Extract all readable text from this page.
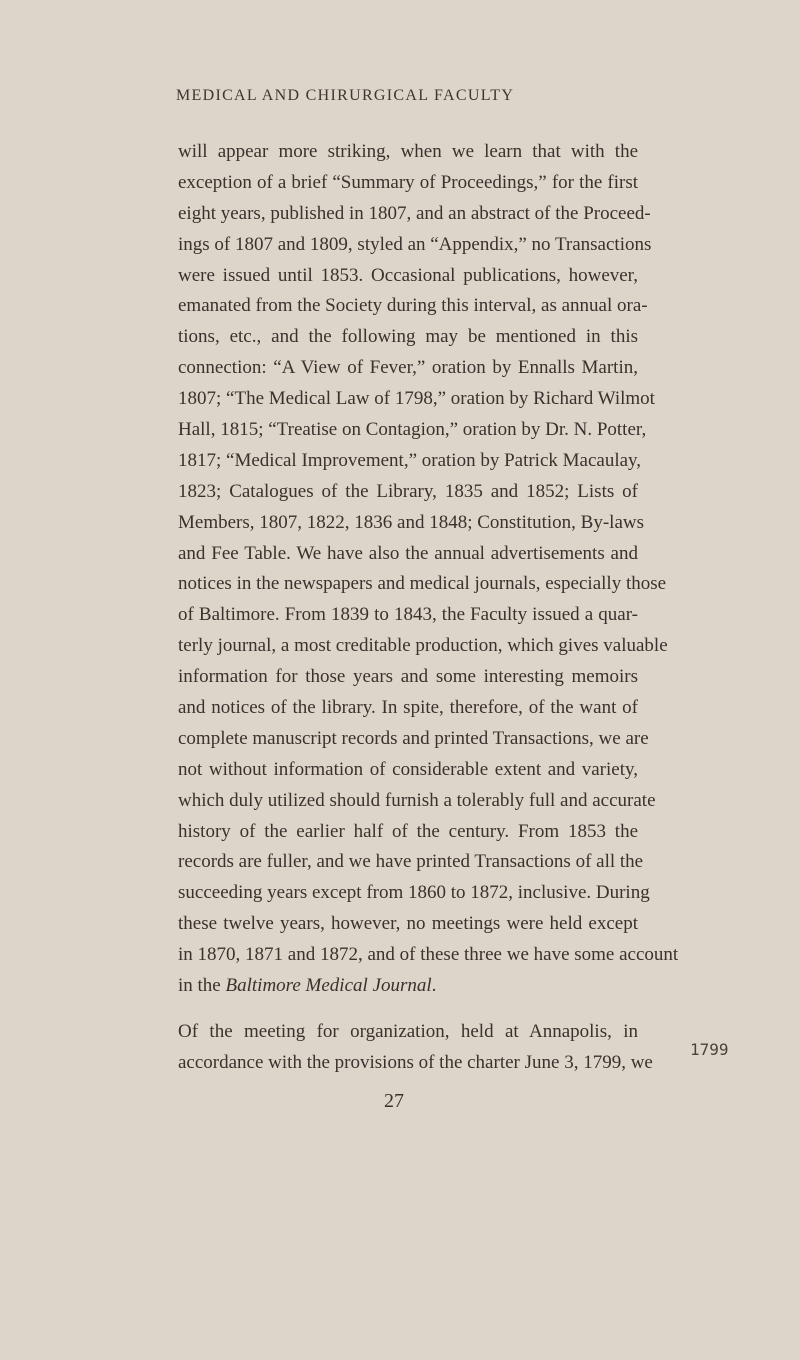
MEDICAL AND CHIRURGICAL FACULTY
will appear more striking, when we learn that with the
exception of a brief “Summary of Proceedings,” for the first
eight years, published in 1807, and an abstract of the Proceed-
ings of 1807 and 1809, styled an “Appendix,” no Transactions
were issued until 1853. Occasional publications, however,
emanated from the Society during this interval, as annual ora-
tions, etc., and the following may be mentioned in this
connection: “A View of Fever,” oration by Ennalls Martin,
1807; “The Medical Law of 1798,” oration by Richard Wilmot
Hall, 1815; “Treatise on Contagion,” oration by Dr. N. Potter,
1817; “Medical Improvement,” oration by Patrick Macaulay,
1823; Catalogues of the Library, 1835 and 1852; Lists of
Members, 1807, 1822, 1836 and 1848; Constitution, By-laws
and Fee Table. We have also the annual advertisements and
notices in the newspapers and medical journals, especially those
of Baltimore. From 1839 to 1843, the Faculty issued a quar-
terly journal, a most creditable production, which gives valuable
information for those years and some interesting memoirs
and notices of the library. In spite, therefore, of the want of
complete manuscript records and printed Transactions, we are
not without information of considerable extent and variety,
which duly utilized should furnish a tolerably full and accurate
history of the earlier half of the century. From 1853 the
records are fuller, and we have printed Transactions of all the
succeeding years except from 1860 to 1872, inclusive. During
these twelve years, however, no meetings were held except
in 1870, 1871 and 1872, and of these three we have some account
in the Baltimore Medical Journal.
Of the meeting for organization, held at Annapolis, in
accordance with the provisions of the charter June 3, 1799, we
1799
27
